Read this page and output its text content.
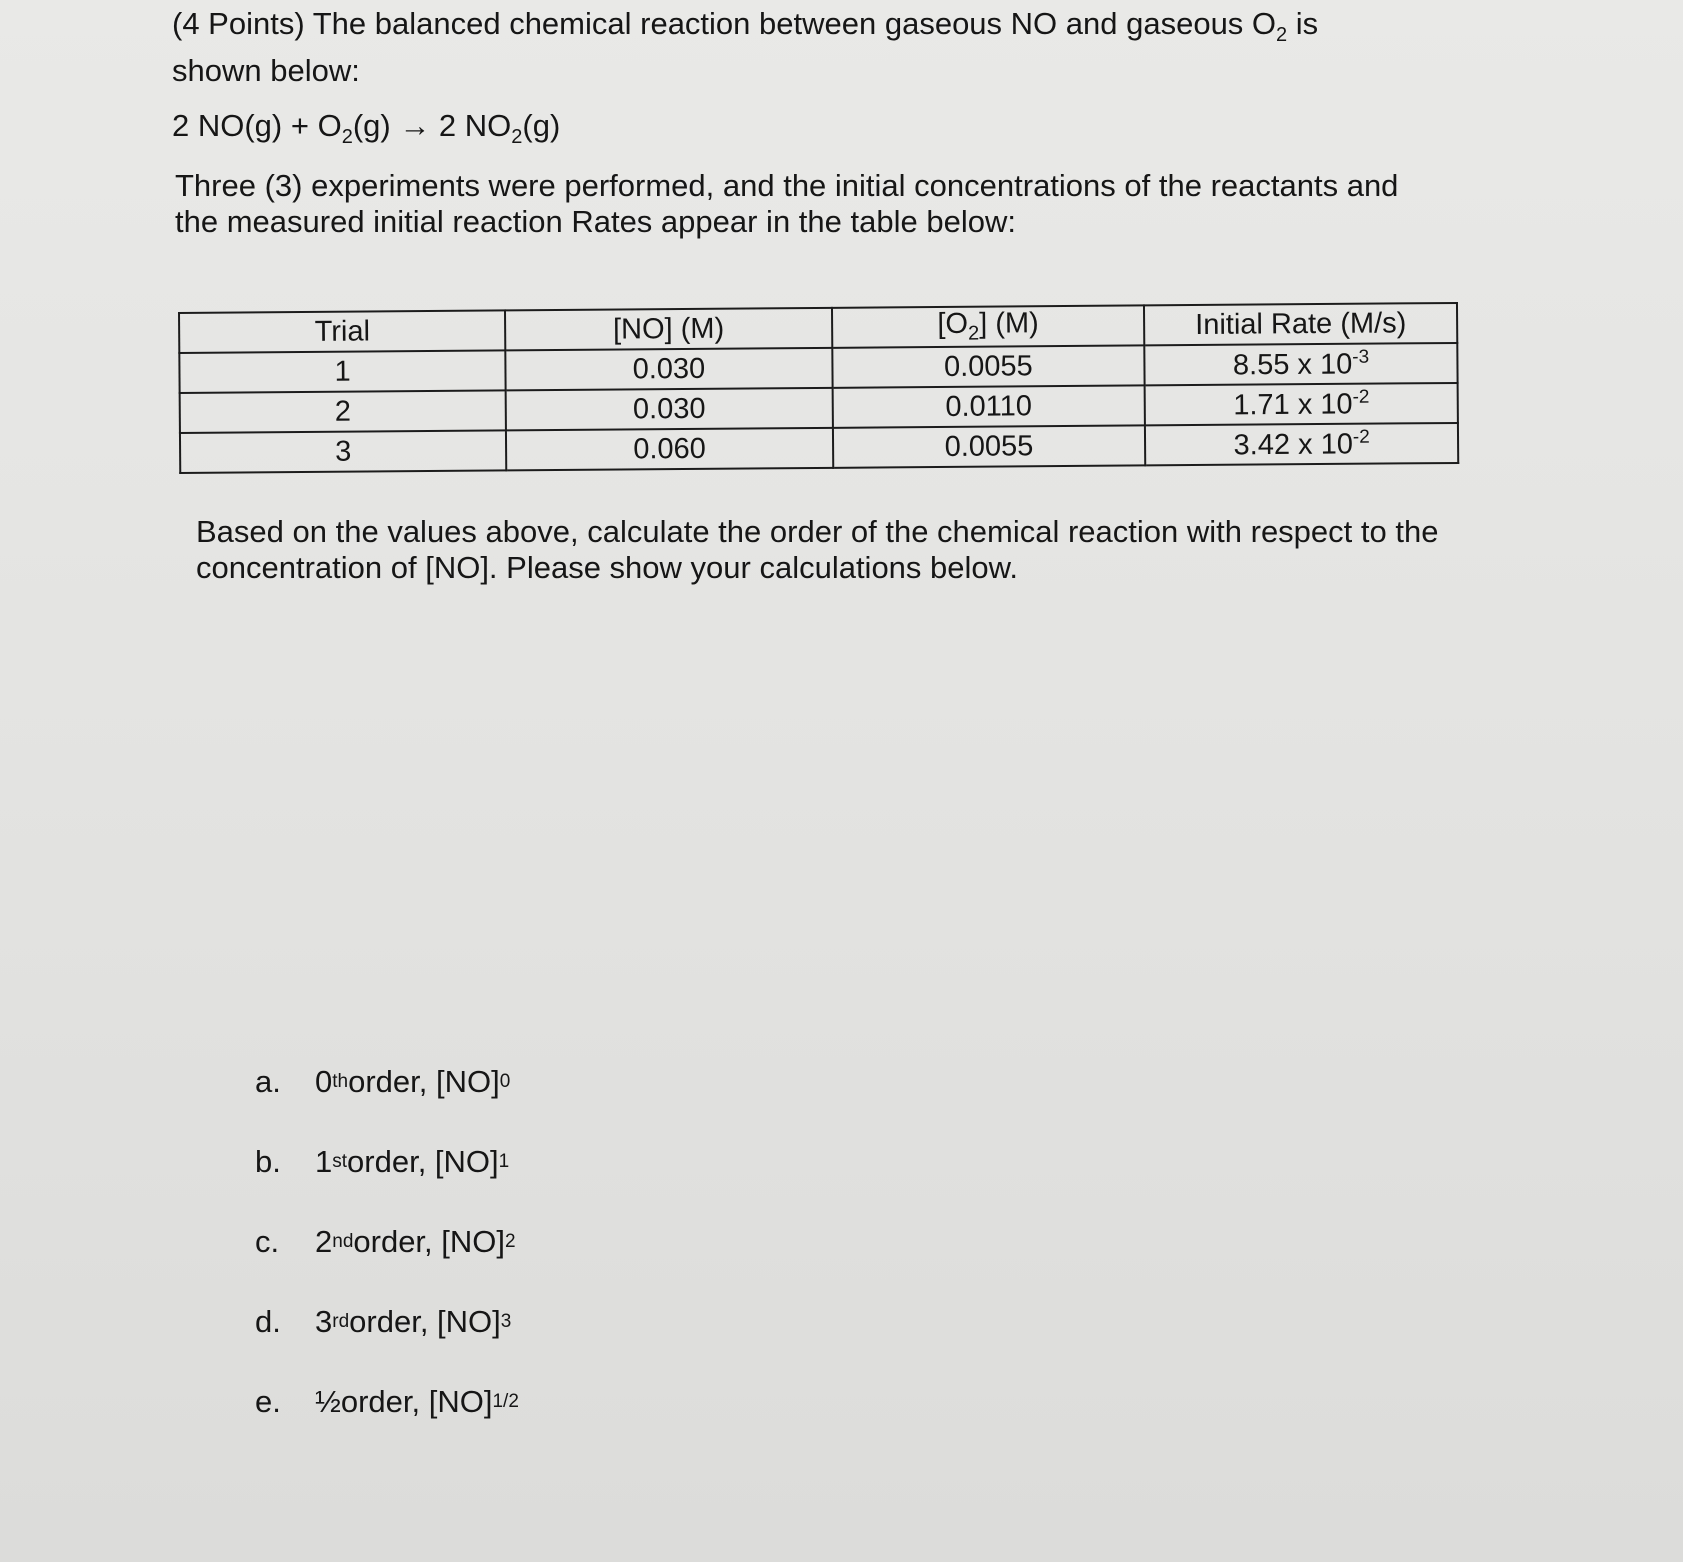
(4 Points) The balanced chemical reaction between gaseous NO and gaseous $O_2$ is
shown below:

2 $NO(g) + O_2(g) \to 2$ $NO_2(g)$

Three (3) experiments were performed, and the initial concentrations of the reactants and the measured initial reaction Rates appear in the table below:

Trial	[NO] (M)	$[O_2]$ (M)	Initial Rate (M/s)
1	0.030	0.0055	8.55 x $10^{-3}$
2	0.030	0.0110	1.71 x $10^{-2}$
3	0.060	0.0055	3.42 x $10^{-2}$

Based on the values above, calculate the order of the chemical reaction with respect to the concentration of [NO]. Please show your calculations below.

a.	0 th order, [NO] 0
b.	1 st order, [NO] 1
c.	2 nd order, [NO] 2
d.	3 rd order, [NO] 3
e.	½ order, [NO] 1/2
